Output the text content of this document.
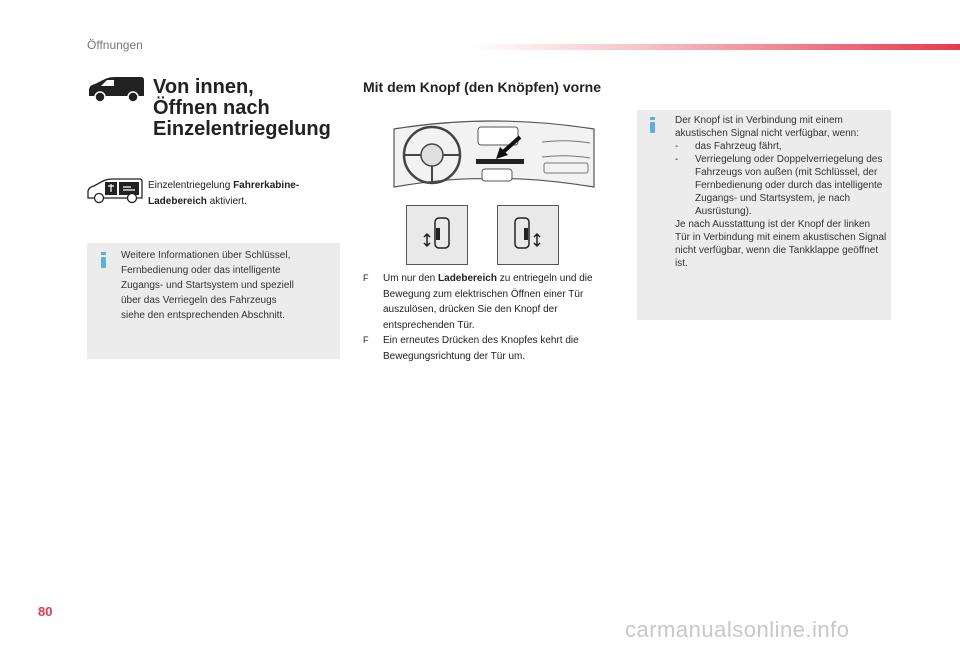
Öffnungen
Von innen,
Öffnen nach
Einzelentriegelung
Mit dem Knopf (den Knöpfen) vorne
Einzelentriegelung Fahrerkabine-
Ladebereich aktiviert.
Weitere Informationen über Schlüssel,
Fernbedienung oder das intelligente
Zugangs- und Startsystem und speziell
über das Verriegeln des Fahrzeugs
siehe den entsprechenden Abschnitt.
F Um nur den Ladebereich zu entriegeln und die Bewegung zum elektrischen Öffnen einer Tür auszulösen, drücken Sie den Knopf der entsprechenden Tür.
F Ein erneutes Drücken des Knopfes kehrt die Bewegungsrichtung der Tür um.
Der Knopf ist in Verbindung mit einem akustischen Signal nicht verfügbar, wenn:
- das Fahrzeug fährt,
- Verriegelung oder Doppelverriegelung des Fahrzeugs von außen (mit Schlüssel, der Fernbedienung oder durch das intelligente Zugangs- und Startsystem, je nach Ausrüstung).
Je nach Ausstattung ist der Knopf der linken Tür in Verbindung mit einem akustischen Signal nicht verfügbar, wenn die Tankklappe geöffnet ist.
80
carmanualsonline.info
